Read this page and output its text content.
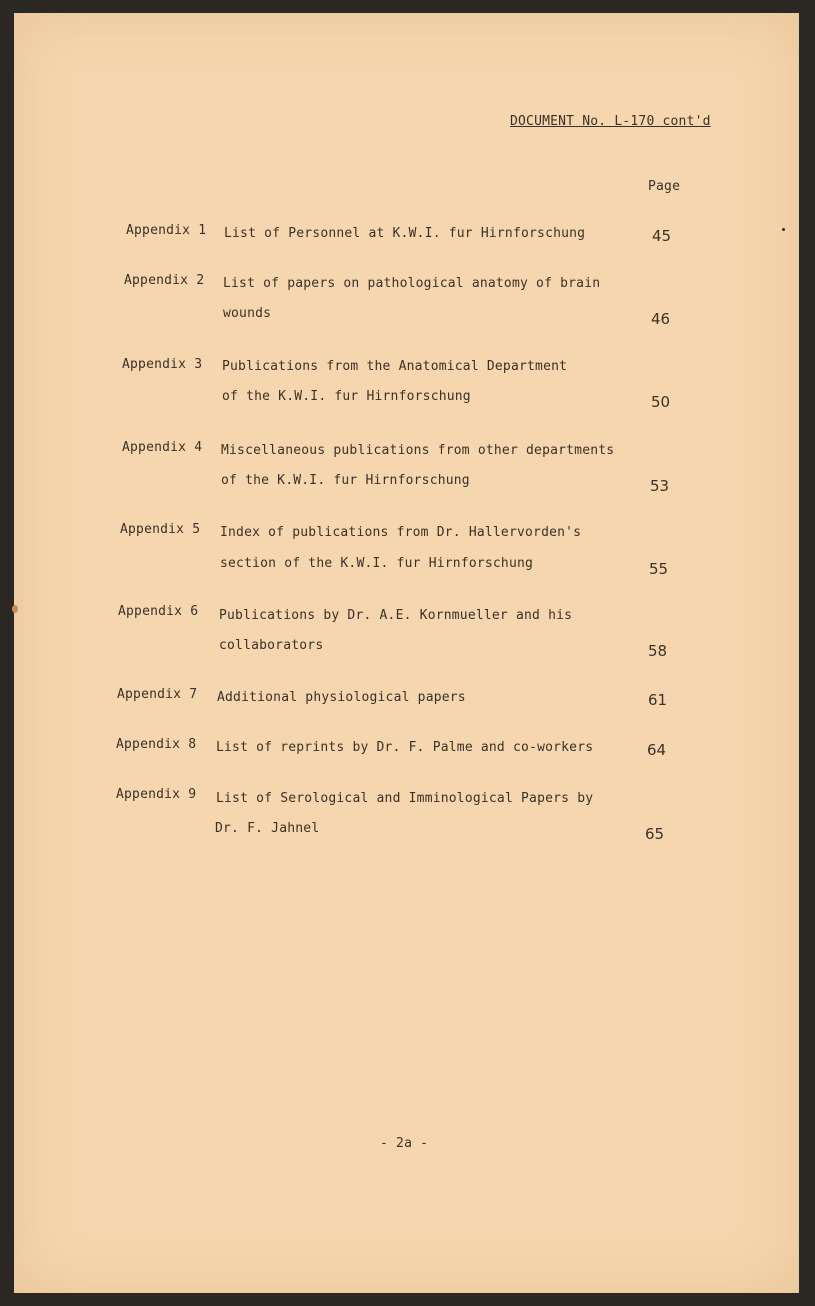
DOCUMENT No. L-170 cont'd
Page
Appendix 1 List of Personnel at K.W.I. fur Hirnforschung	45
Appendix 2 List of papers on pathological anatomy of brain
wounds	46
Appendix 3 Publications from the Anatomical Department
of the K.W.I. fur Hirnforschung	50
Appendix 4 Miscellaneous publications from other departments
of the K.W.I. fur Hirnforschung	53
Appendix 5 Index of publications from Dr. Hallervorden's
section of the K.W.I. fur Hirnforschung	55
Appendix 6 Publications by Dr. A.E. Kornmueller and his
collaborators	58
Appendix 7 Additional physiological papers	61
Appendix 8 List of reprints by Dr. F. Palme and co-workers	64
Appendix 9 List of Serological and Imminological Papers by
Dr. F. Jahnel	65
- 2a -
